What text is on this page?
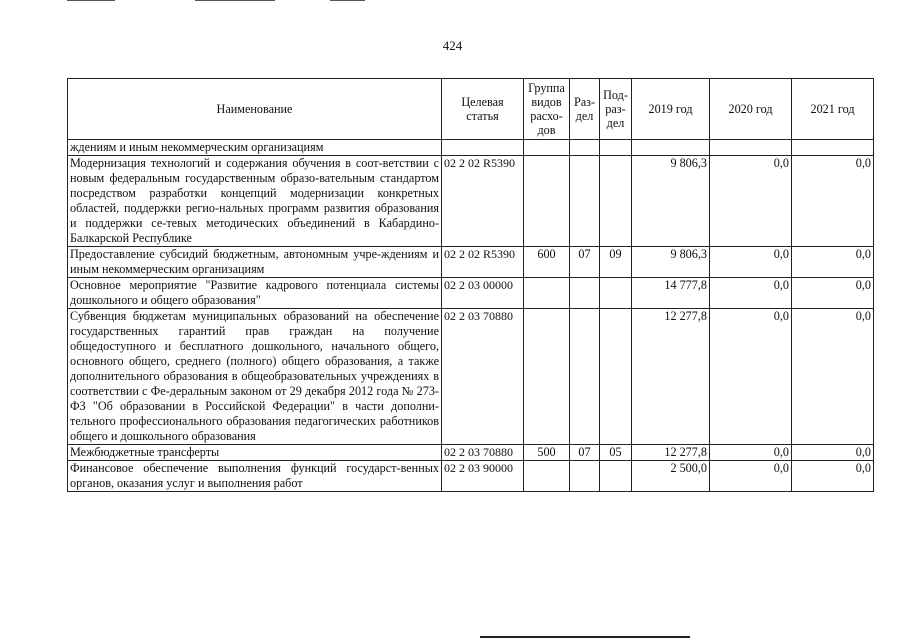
424
Наименование	Целевая статья	Группа видов расхо-дов	Раз-дел	Под-раз-дел	2019 год	2020 год	2021 год
ждениям и иным некоммерческим организациям							
Модернизация технологий и содержания обучения в соот-ветствии с новым федеральным государственным образо-вательным стандартом посредством разработки концепций модернизации конкретных областей, поддержки регио-нальных программ развития образования и поддержки се-тевых методических объединений в Кабардино-Балкарской Республике	02 2 02 R5390				9 806,3	0,0	0,0
Предоставление субсидий бюджетным, автономным учре-ждениям и иным некоммерческим организациям	02 2 02 R5390	600	07	09	9 806,3	0,0	0,0
Основное мероприятие "Развитие кадрового потенциала системы дошкольного и общего образования"	02 2 03 00000				14 777,8	0,0	0,0
Субвенция бюджетам муниципальных образований на обеспечение государственных гарантий прав граждан на получение общедоступного и бесплатного дошкольного, начального общего, основного общего, среднего (полного) общего образования, а также дополнительного образования в общеобразовательных учреждениях в соответствии с Фе-деральным законом от 29 декабря 2012 года № 273-ФЗ "Об образовании в Российской Федерации" в части дополни-тельного профессионального образования педагогических работников общего и дошкольного образования	02 2 03 70880				12 277,8	0,0	0,0
Межбюджетные трансферты	02 2 03 70880	500	07	05	12 277,8	0,0	0,0
Финансовое обеспечение выполнения функций государст-венных органов, оказания услуг и выполнения работ	02 2 03 90000				2 500,0	0,0	0,0
